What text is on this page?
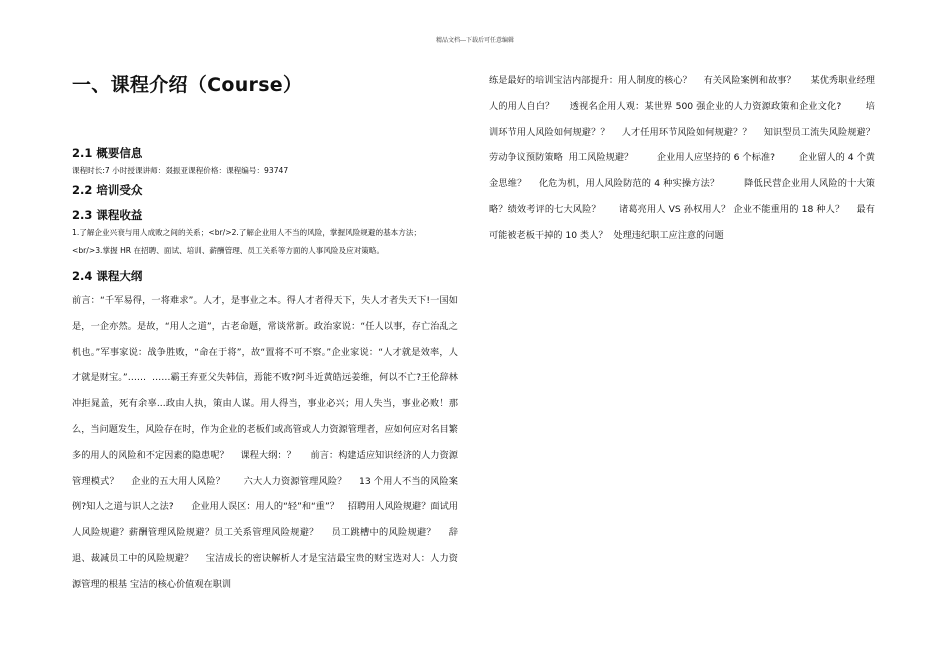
精品文档---下载后可任意编辑
一、课程介绍（Course）
2.1 概要信息

课程时长:7 小时授课讲师：叕振亚课程价格：课程编号：93747

2.2 培训受众
2.3 课程收益

1.了解企业兴衰与用人成败之间的关系；<br/>2.了解企业用人不当的风险，掌握风险规避的基本方法；

<br/>3.掌握 HR 在招聘、面试、培训、薪酬管理、员工关系等方面的人事风险及应对策略。

2.4 课程大纲

前言：“千军易得，一将难求”。人才，是事业之本。得人才者得天下，失人才者失天下!一国如是，一企亦然。是故，“用人之道”，古老命题，常谈常新。政治家说：“任人以事，存亡治乱之机也。”军事家说：战争胜败，“命在于将”，故“置将不可不察。”企业家说：“人才就是效率，人才就是财宝。”……  ……霸王弃亚父失韩信，焉能不败?阿斗近黄皓远姜维，何以不亡?王伦辞林冲拒晁盖，死有余辜...政由人执，策由人谋。用人得当，事业必兴；用人失当，事业必败！那么，当问题发生，风险存在时，作为企业的老板们或高管或人力资源管理者，应如何应对名目繁多的用人的风险和不定因素的隐患呢？    课程大纲：？     前言：构建适应知识经济的人力资源管理模式？    企业的五大用人风险？      六大人力资源管理风险？    13 个用人不当的风险案例?知人之道与识人之法?      企业用人误区：用人的“轻”和“重”？   招聘用人风险规避？面试用人风险规避？薪酬管理风险规避？员工关系管理风险规避？    员工跳槽中的风险规避？    辞退、裁减员工中的风险规避？    宝洁成长的密诀解析人才是宝洁最宝贵的财宝选对人：人力资源管理的根基 宝洁的核心价值观在职训

练是最好的培训宝洁内部提升：用人制度的核心？    有关风险案例和故事？     某优秀职业经理人的用人自白？     透视名企用人观：某世界 500 强企业的人力资源政策和企业文化?        培训环节用人风险如何规避？？    人才任用环节风险如何规避？？    知识型员工流失风险规避？    劳动争议预防策略  用工风险规避？        企业用人应坚持的 6 个标准?        企业留人的 4 个黄金思维？    化危为机，用人风险防范的 4 种实操方法？        降低民营企业用人风险的十大策略？绩效考评的七大风险？      诸葛亮用人 VS 孙权用人？ 企业不能重用的 18 种人？    最有可能被老板干掉的 10 类人？  处理违纪职工应注意的问题
